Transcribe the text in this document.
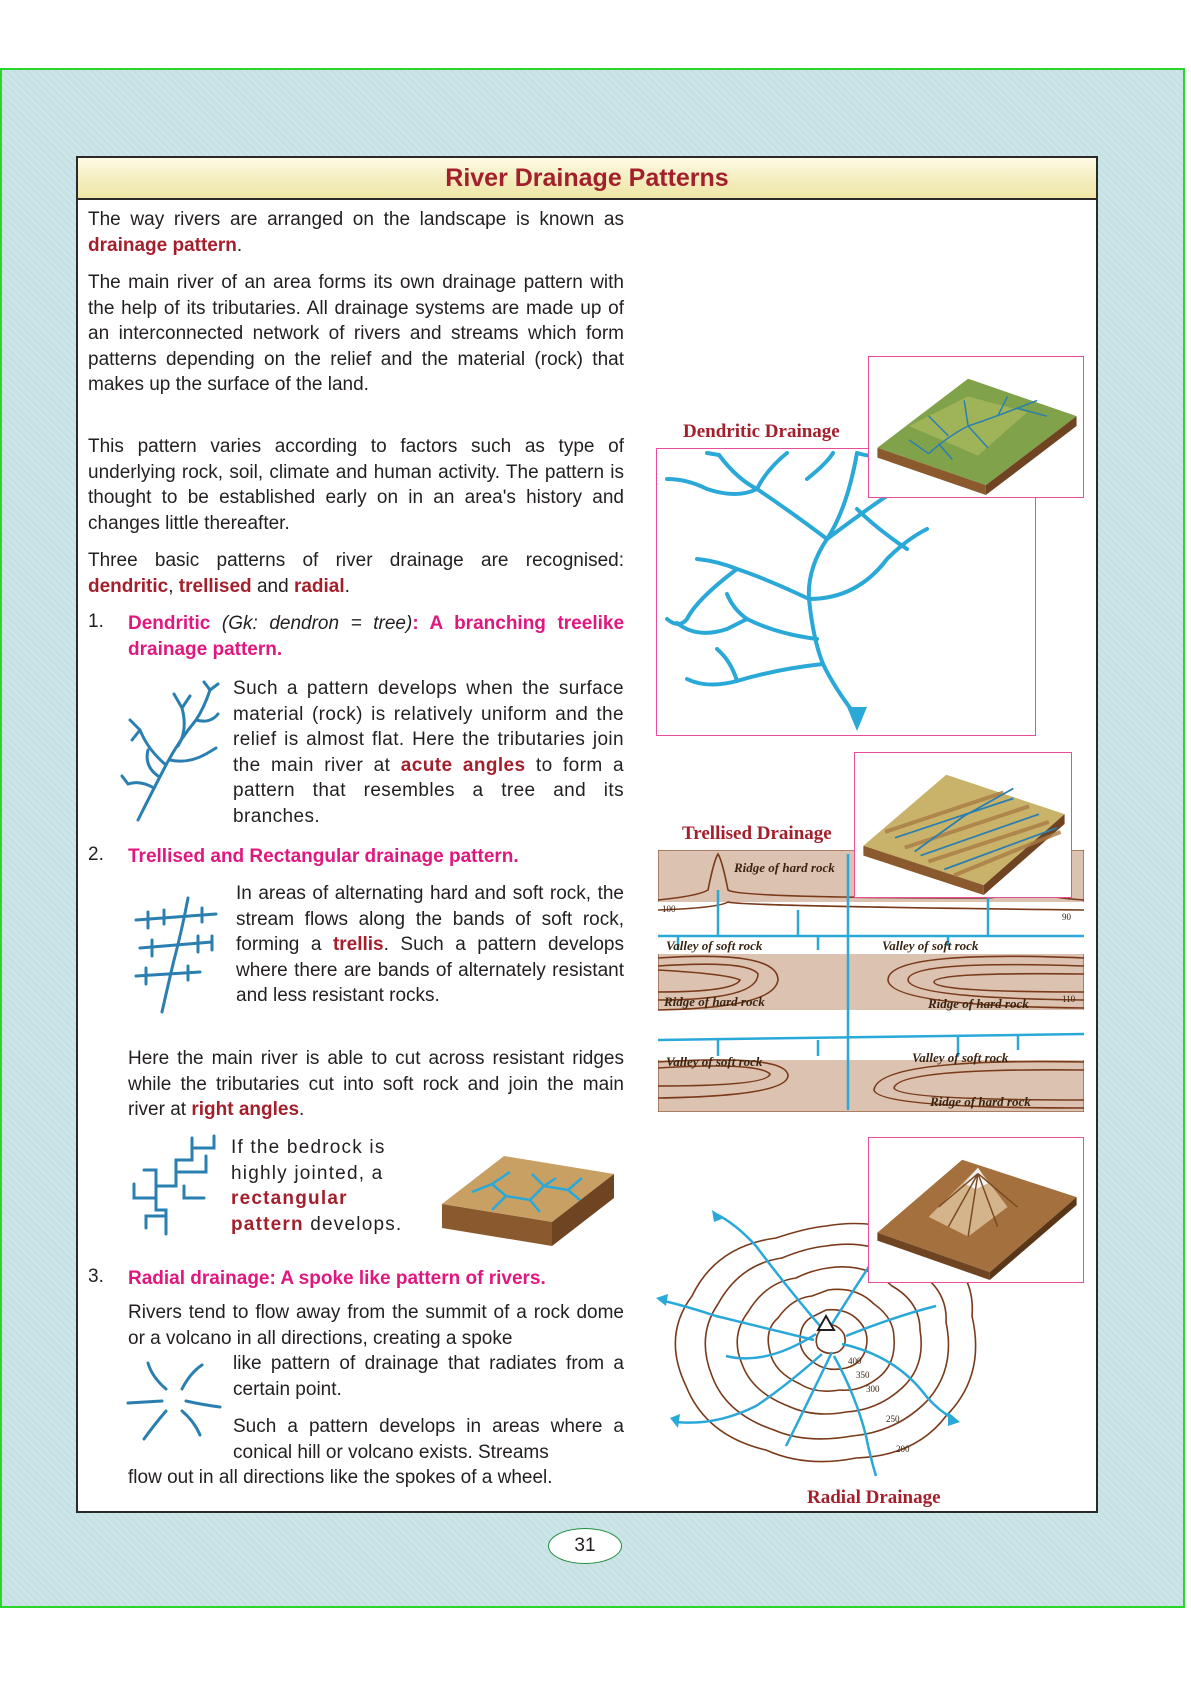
River Drainage Patterns
The way rivers are arranged on the landscape is known as drainage pattern.
The main river of an area forms its own drainage pattern with the help of its tributaries. All drainage systems are made up of an interconnected network of rivers and streams which form patterns depending on the relief and the material (rock) that makes up the surface of the land.
This pattern varies according to factors such as type of underlying rock, soil, climate and human activity. The pattern is thought to be established early on in an area's history and changes little thereafter.
Three basic patterns of river drainage are recognised: dendritic, trellised and radial.
1. Dendritic (Gk: dendron = tree): A branching treelike drainage pattern.
Such a pattern develops when the surface material (rock) is relatively uniform and the relief is almost flat. Here the tributaries join the main river at acute angles to form a pattern that resembles a tree and its branches.
2. Trellised and Rectangular drainage pattern.
In areas of alternating hard and soft rock, the stream flows along the bands of soft rock, forming a trellis. Such a pattern develops where there are bands of alternately resistant and less resistant rocks.
Here the main river is able to cut across resistant ridges while the tributaries cut into soft rock and join the main river at right angles.
If the bedrock is highly jointed, a rectangular pattern develops.
3. Radial drainage: A spoke like pattern of rivers.
Rivers tend to flow away from the summit of a rock dome or a volcano in all directions, creating a spoke
like pattern of drainage that radiates from a certain point.
Such a pattern develops in areas where a conical hill or volcano exists. Streams
flow out in all directions like the spokes of a wheel.
Dendritic Drainage
Trellised Drainage
Ridge of hard rock
Valley of soft rock	Valley of soft rock
Ridge of hard rock	Ridge of hard rock
Valley of soft rock	Valley of soft rock
Ridge of hard rock
100
90
110
400
350
300
250
200
Radial Drainage
31
